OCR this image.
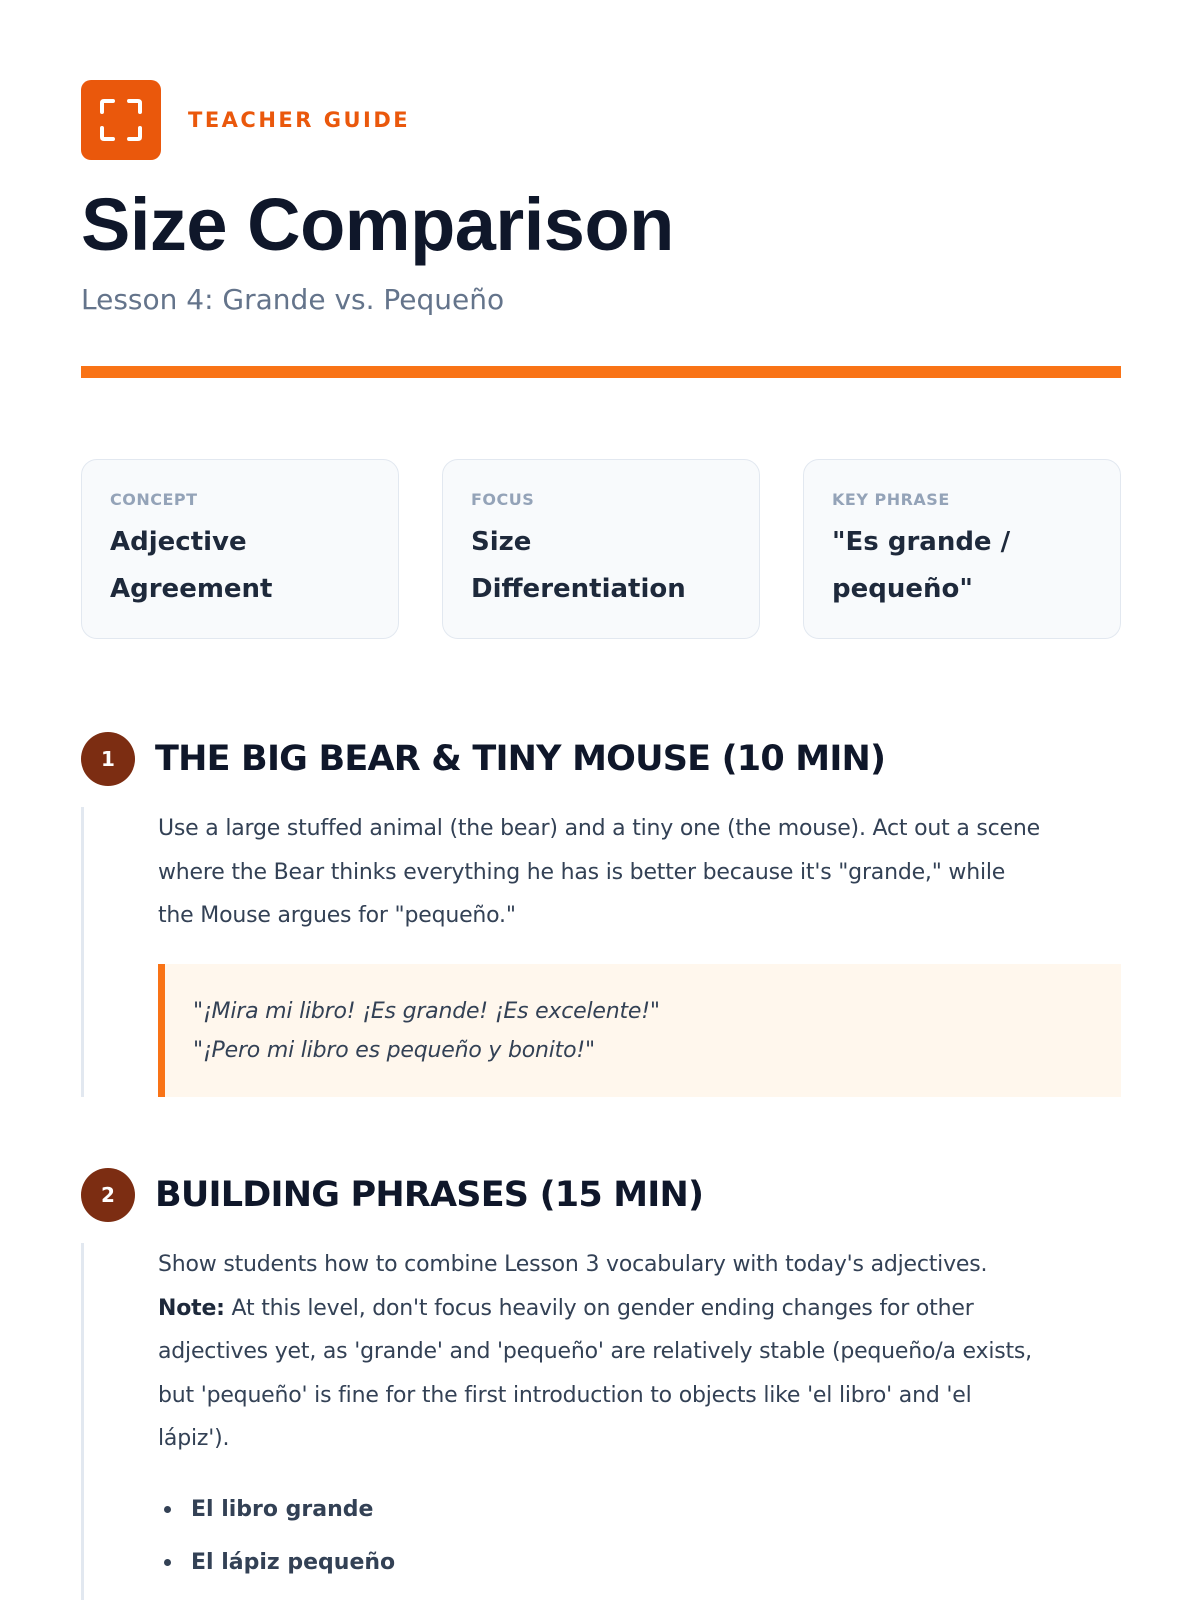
TEACHER GUIDE
Size Comparison
Lesson 4: Grande vs. Pequeño
CONCEPT
Adjective
Agreement
FOCUS
Size
Differentiation
KEY PHRASE
"Es grande /
pequeño"
1	THE BIG BEAR & TINY MOUSE (10 MIN)

Use a large stuffed animal (the bear) and a tiny one (the mouse). Act out a scene
where the Bear thinks everything he has is better because it's "grande," while
the Mouse argues for "pequeño."

"¡Mira mi libro! ¡Es grande! ¡Es excelente!"
"¡Pero mi libro es pequeño y bonito!"
2	BUILDING PHRASES (15 MIN)

Show students how to combine Lesson 3 vocabulary with today's adjectives.
Note: At this level, don't focus heavily on gender ending changes for other
adjectives yet, as 'grande' and 'pequeño' are relatively stable (pequeño/a exists,
but 'pequeño' is fine for the first introduction to objects like 'el libro' and 'el
lápiz').

El libro grande
El lápiz pequeño
